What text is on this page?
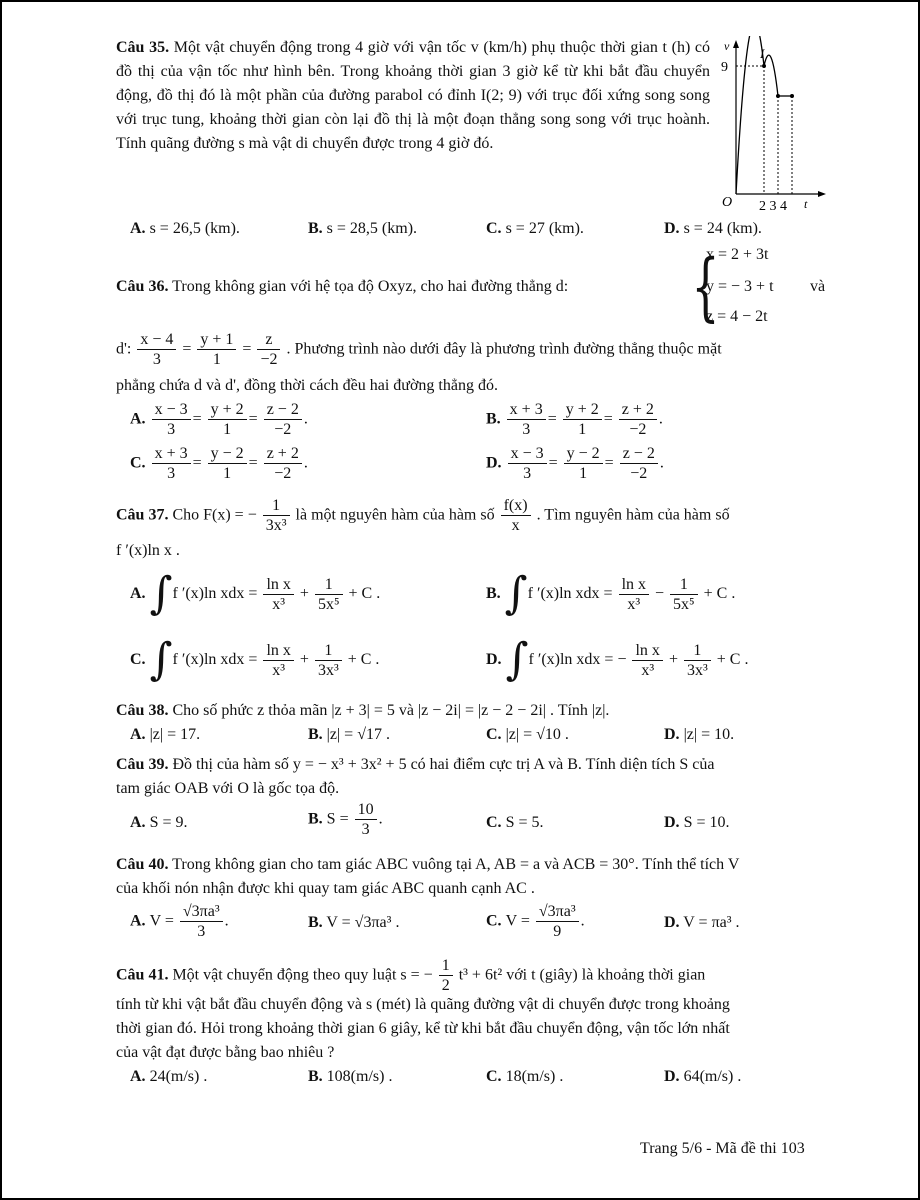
Câu 35. Một vật chuyển động trong 4 giờ với vận tốc v (km/h) phụ thuộc thời gian t (h) có đồ thị của vận tốc như hình bên. Trong khoảng thời gian 3 giờ kể từ khi bắt đầu chuyển động, đồ thị đó là một phần của đường parabol có đỉnh I(2; 9) với trục đối xứng song song với trục tung, khoảng thời gian còn lại đồ thị là một đoạn thẳng song song với trục hoành. Tính quãng đường s mà vật di chuyển được trong 4 giờ đó.
v
9
I
O 2 3 4 t
A. s = 26,5 (km).	B. s = 28,5 (km).	C. s = 27 (km).	D. s = 24 (km).
Câu 36. Trong không gian với hệ tọa độ Oxyz, cho hai đường thẳng d: {
x = 2 + 3t
y = − 3 + t
z = 4 − 2t
và
d': $\frac{x - 4}{3} = \frac{y + 1}{1} = \frac{z}{-2}$ . Phương trình nào dưới đây là phương trình đường thẳng thuộc mặt
phẳng chứa d và d', đồng thời cách đều hai đường thẳng đó.
A. $\frac{x - 3}{3} = \frac{y + 2}{1} = \frac{z - 2}{-2}$ .	B. $\frac{x + 3}{3} = \frac{y + 2}{1} = \frac{z + 2}{-2}$ .
C. $\frac{x + 3}{3} = \frac{y - 2}{1} = \frac{z + 2}{-2}$ .	D. $\frac{x - 3}{3} = \frac{y - 2}{1} = \frac{z - 2}{-2}$ .
Câu 37. Cho F(x) = − $\frac{1}{\text{3x³}}$ là một nguyên hàm của hàm số $\frac{f(x)}{x}$ . Tìm nguyên hàm của hàm số
f ′(x)ln x .
A. ∫f ′(x)ln xdx = $\frac{\text{ln x}}{\text{x³}} + \frac{1}{\text{5x⁵}} + C$ .	B. ∫f ′(x)ln xdx = $\frac{\text{ln x}}{\text{x³}} - \frac{1}{\text{5x⁵}} + C$ .
C. ∫f ′(x)ln xdx = $\frac{\text{ln x}}{\text{x³}} + \frac{1}{\text{3x³}} + C$ .	D. ∫f ′(x)ln xdx = − $\frac{\text{ln x}}{\text{x³}} + \frac{1}{\text{3x³}} + C$ .
Câu 38. Cho số phức z thỏa mãn |z + 3| = 5 và |z − 2i| = |z − 2 − 2i| . Tính |z|.
A. |z| = 17.	B. |z| = √17 .	C. |z| = √10 .	D. |z| = 10.
Câu 39. Đồ thị của hàm số y = − x³ + 3x² + 5 có hai điểm cực trị A và B. Tính diện tích S của
tam giác OAB với O là gốc tọa độ.
A. S = 9.	B. $S = \frac{10}{3}$ .	C. S = 5.	D. S = 10.
Câu 40. Trong không gian cho tam giác ABC vuông tại A, AB = a và ACB = 30°. Tính thể tích V
của khối nón nhận được khi quay tam giác ABC quanh cạnh AC .
A. $V = \frac{\text{√3πa³}}{3}$ .	B. V = √3πa³ .	C. $V = \frac{\text{√3πa³}}{9}$ .	D. V = πa³ .
Câu 41. Một vật chuyển động theo quy luật s = − $\frac{1}{2} t^3 + 6t^2$ với t (giây) là khoảng thời gian
tính từ khi vật bắt đầu chuyển động và s (mét) là quãng đường vật di chuyển được trong khoảng
thời gian đó. Hỏi trong khoảng thời gian 6 giây, kể từ khi bắt đầu chuyển động, vận tốc lớn nhất
của vật đạt được bằng bao nhiêu ?
A. 24(m/s) .	B. 108(m/s) .	C. 18(m/s) .	D. 64(m/s) .
Trang 5/6 - Mã đề thi 103
